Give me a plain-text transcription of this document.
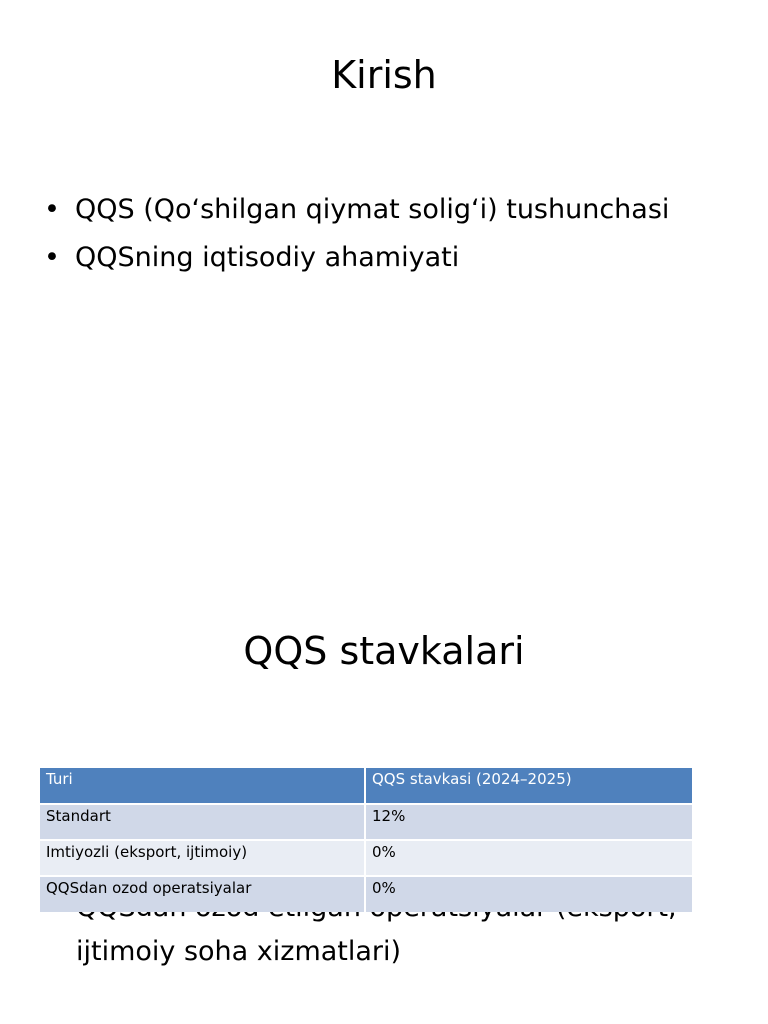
Kirish
• QQS (Qo‘shilgan qiymat solig‘i) tushunchasi
• QQSning iqtisodiy ahamiyati
QQS stavkalari
ijtimoiy soha xizmatlari)
Turi	QQS stavkasi (2024–2025)
Standart	12%
Imtiyozli (eksport, ijtimoiy)	0%
QQSdan ozod operatsiyalar	0%
